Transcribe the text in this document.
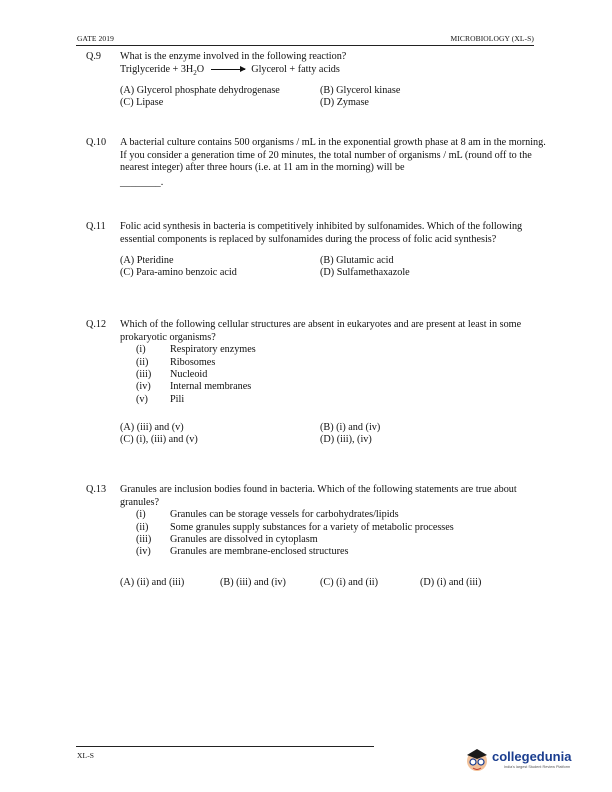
GATE 2019	MICROBIOLOGY (XL-S)
Q.9	What is the enzyme involved in the following reaction?
Triglyceride + $3H_2O$ → Glycerol + fatty acids
(A) Glycerol phosphate dehydrogenase	(B) Glycerol kinase
(C) Lipase	(D) Zymase
Q.10	A bacterial culture contains 500 organisms / mL in the exponential growth phase at 8 am in the morning. If you consider a generation time of 20 minutes, the total number of organisms / mL (round off to the nearest integer) after three hours (i.e. at 11 am in the morning) will be
________.
Q.11	Folic acid synthesis in bacteria is competitively inhibited by sulfonamides. Which of the following essential components is replaced by sulfonamides during the process of folic acid synthesis?
(A) Pteridine	(B) Glutamic acid
(C) Para-amino benzoic acid	(D) Sulfamethaxazole
Q.12	Which of the following cellular structures are absent in eukaryotes and are present at least in some prokaryotic organisms?
(i)	Respiratory enzymes
(ii)	Ribosomes
(iii)	Nucleoid
(iv)	Internal membranes
(v)	Pili
(A) (iii) and (v)	(B) (i) and (iv)
(C) (i), (iii) and (v)	(D) (iii), (iv)
Q.13	Granules are inclusion bodies found in bacteria. Which of the following statements are true about granules?
(i)	Granules can be storage vessels for carbohydrates/lipids
(ii)	Some granules supply substances for a variety of metabolic processes
(iii)	Granules are dissolved in cytoplasm
(iv)	Granules are membrane-enclosed structures
(A) (ii) and (iii)	(B) (iii) and (iv)	(C) (i) and (ii)	(D) (i) and (iii)
XL-S	collegedunia
India's largest Student Review Platform
